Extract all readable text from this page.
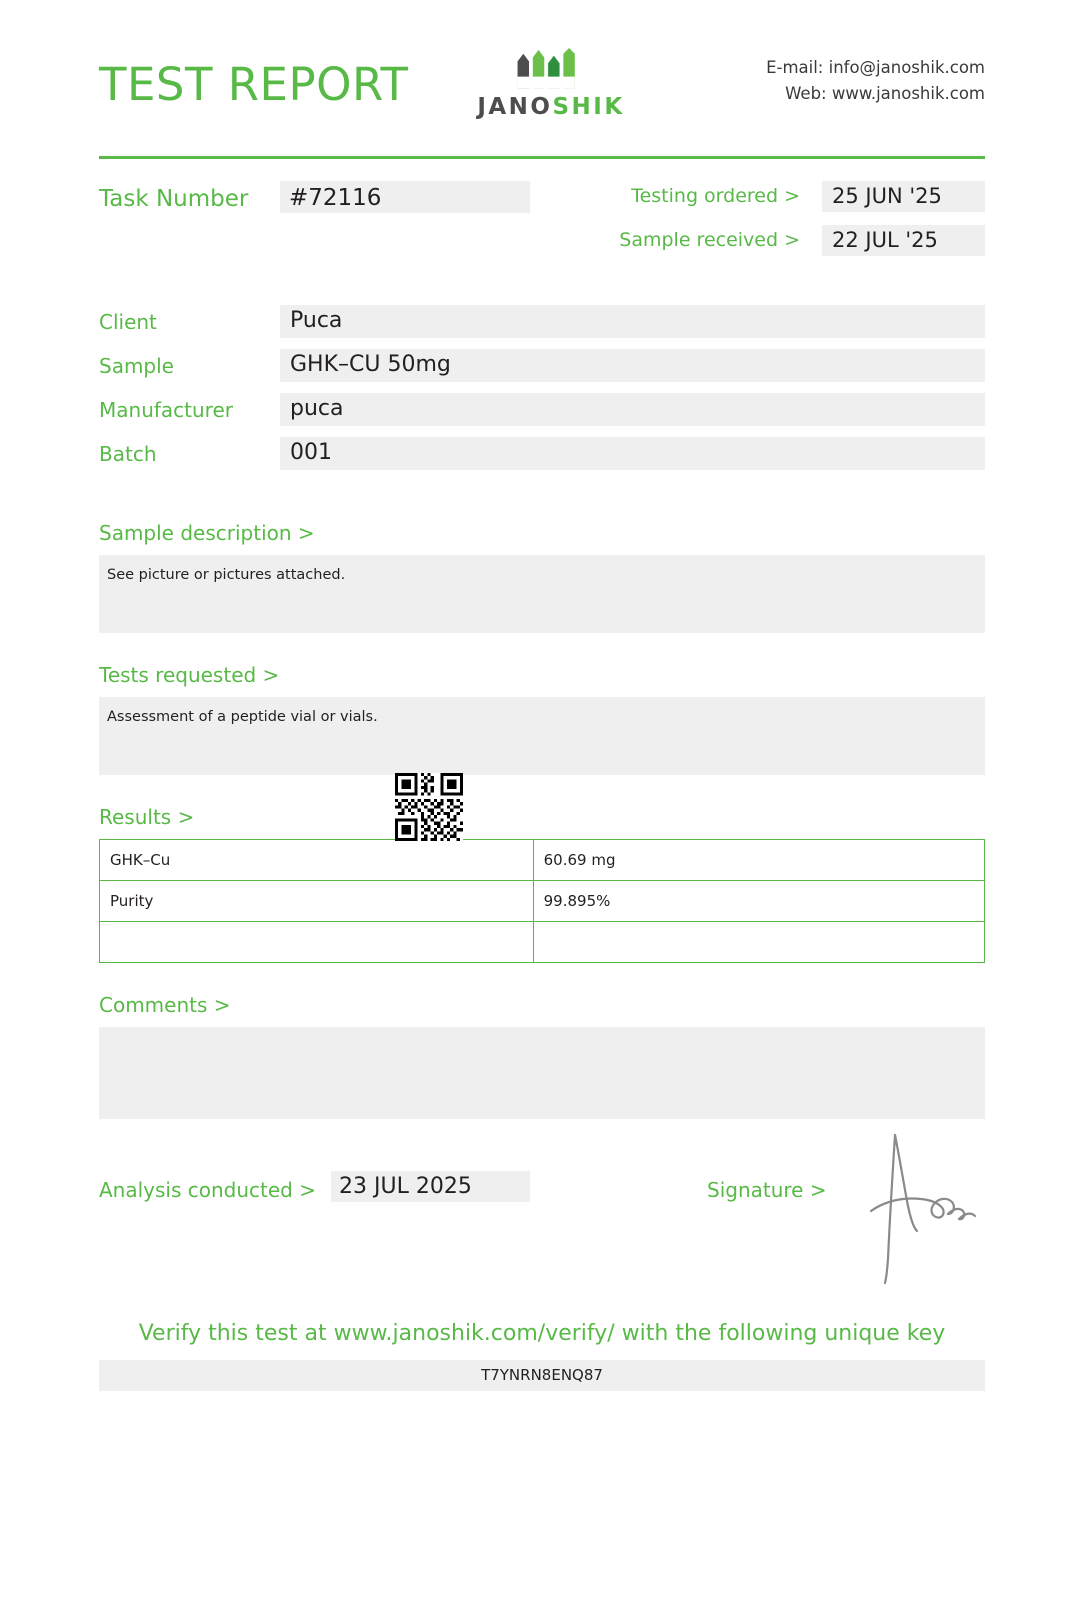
TEST REPORT	JANOSHIK
E-mail: info@janoshik.com
Web: www.janoshik.com
Task Number	#72116	Testing ordered >	25 JUN '25
Sample received >	22 JUL '25
Client	Puca
Sample	GHK–CU 50mg
Manufacturer	puca
Batch	001
Sample description >
See picture or pictures attached.
Tests requested >
Assessment of a peptide vial or vials.
Results >
GHK–Cu	60.69 mg
Purity	99.895%

Comments >
Analysis conducted >	23 JUL 2025	Signature >
Verify this test at www.janoshik.com/verify/ with the following unique key
T7YNRN8ENQ87
